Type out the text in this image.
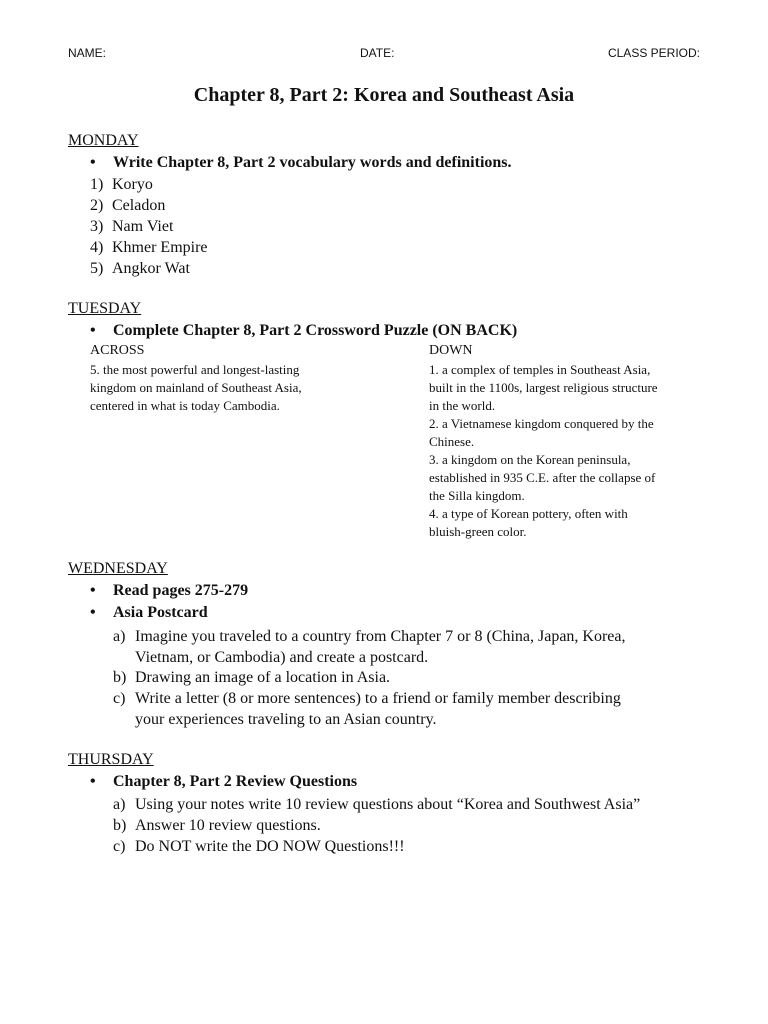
NAME:	DATE:	CLASS PERIOD:
Chapter 8, Part 2: Korea and Southeast Asia
MONDAY
• Write Chapter 8, Part 2 vocabulary words and definitions.
1) Koryo
2) Celadon
3) Nam Viet
4) Khmer Empire
5) Angkor Wat
TUESDAY
• Complete Chapter 8, Part 2 Crossword Puzzle (ON BACK)
ACROSS
5. the most powerful and longest-lasting
kingdom on mainland of Southeast Asia,
centered in what is today Cambodia.
DOWN
1. a complex of temples in Southeast Asia,
built in the 1100s, largest religious structure
in the world.
2. a Vietnamese kingdom conquered by the
Chinese.
3. a kingdom on the Korean peninsula,
established in 935 C.E. after the collapse of
the Silla kingdom.
4. a type of Korean pottery, often with
bluish-green color.
WEDNESDAY
• Read pages 275-279
• Asia Postcard
a) Imagine you traveled to a country from Chapter 7 or 8 (China, Japan, Korea,
Vietnam, or Cambodia) and create a postcard.
b) Drawing an image of a location in Asia.
c) Write a letter (8 or more sentences) to a friend or family member describing
your experiences traveling to an Asian country.
THURSDAY
• Chapter 8, Part 2 Review Questions
a) Using your notes write 10 review questions about “Korea and Southwest Asia”
b) Answer 10 review questions.
c) Do NOT write the DO NOW Questions!!!
